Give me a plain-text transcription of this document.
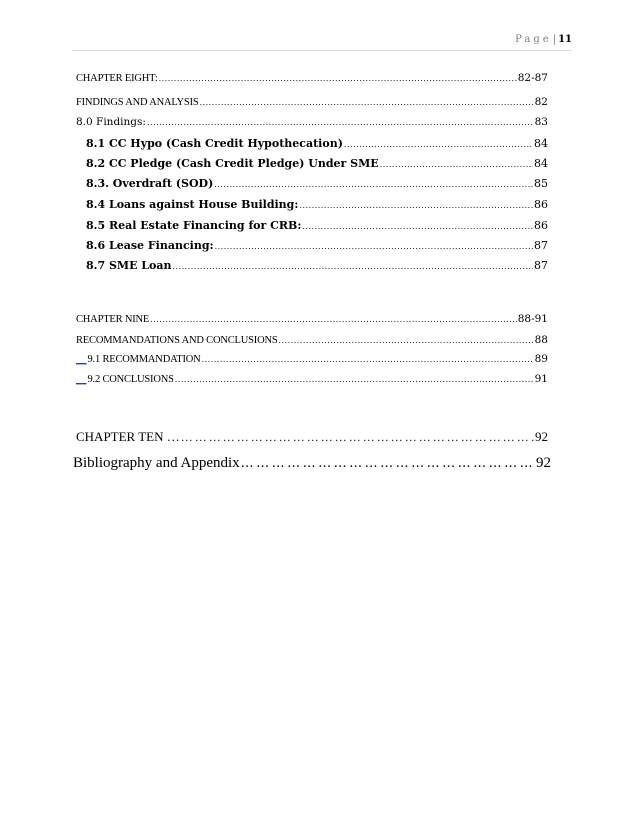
Page| 11
CHAPTER EIGHT: .....	82-87
FINDINGS AND ANALYSIS .....	82
8.0 Findings: .....	83
8.1 CC Hypo (Cash Credit Hypothecation) .....	84
8.2 CC Pledge (Cash Credit Pledge) Under SME .....	84
8.3. Overdraft (SOD) .....	85
8.4 Loans against House Building: .....	86
8.5 Real Estate Financing for CRB: .....	86
8.6 Lease Financing: .....	87
8.7 SME Loan .....	87
CHAPTER NINE .....	88-91
RECOMMANDATIONS AND CONCLUSIONS .....	88
__ 9.1 RECOMMANDATION .....	89
__ 9.2 CONCLUSIONS .....	91
CHAPTER TEN … ………………………………………………………………………………………………………………………………………………………………………	92
Bibliography and Appendix ………………………………………………………………………………………………………………………………………………………	92
